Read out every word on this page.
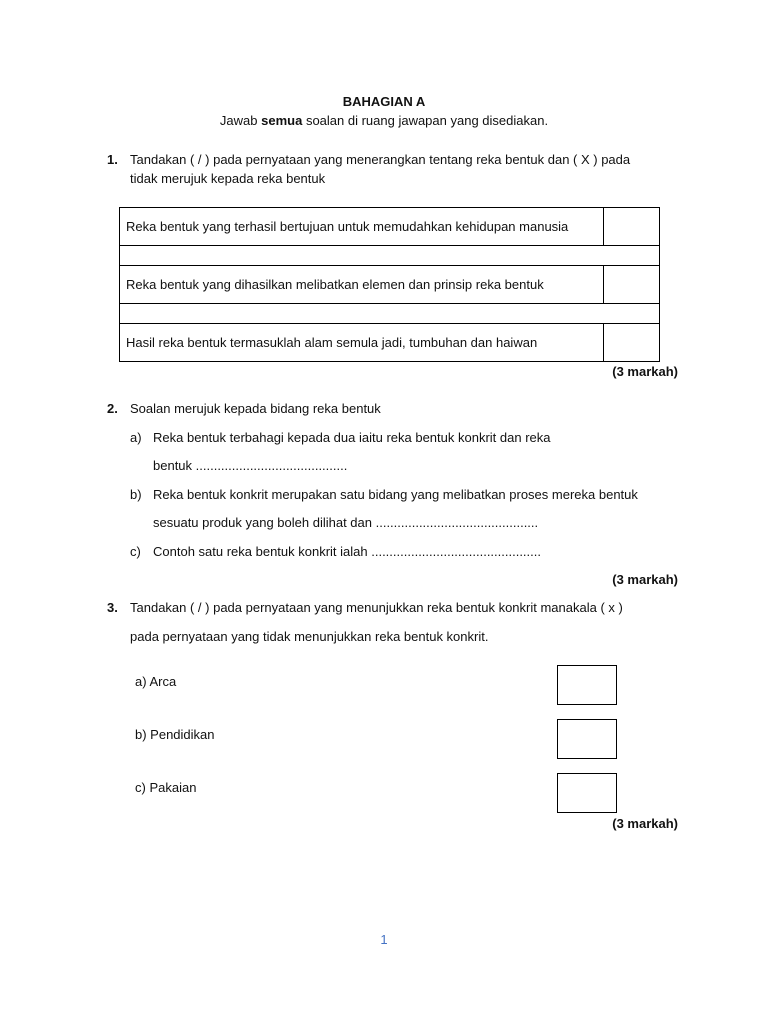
BAHAGIAN A
Jawab semua soalan di ruang jawapan yang disediakan.
1. Tandakan ( / ) pada pernyataan yang menerangkan tentang reka bentuk dan ( X ) pada
tidak merujuk kepada reka bentuk
Reka bentuk yang terhasil bertujuan untuk memudahkan kehidupan manusia	

Reka bentuk yang dihasilkan melibatkan elemen dan prinsip reka bentuk	

Hasil reka bentuk termasuklah alam semula jadi, tumbuhan dan haiwan	
(3 markah)
2. Soalan merujuk kepada bidang reka bentuk
a) Reka bentuk terbahagi kepada dua iaitu reka bentuk konkrit dan reka
bentuk ..........................................
b) Reka bentuk konkrit merupakan satu bidang yang melibatkan proses mereka bentuk
sesuatu produk yang boleh dilihat dan .............................................
c) Contoh satu reka bentuk konkrit ialah ...............................................
(3 markah)
3. Tandakan ( / ) pada pernyataan yang menunjukkan reka bentuk konkrit manakala ( x )
pada pernyataan yang tidak menunjukkan reka bentuk konkrit.
a) Arca
b) Pendidikan
c) Pakaian
(3 markah)
1
